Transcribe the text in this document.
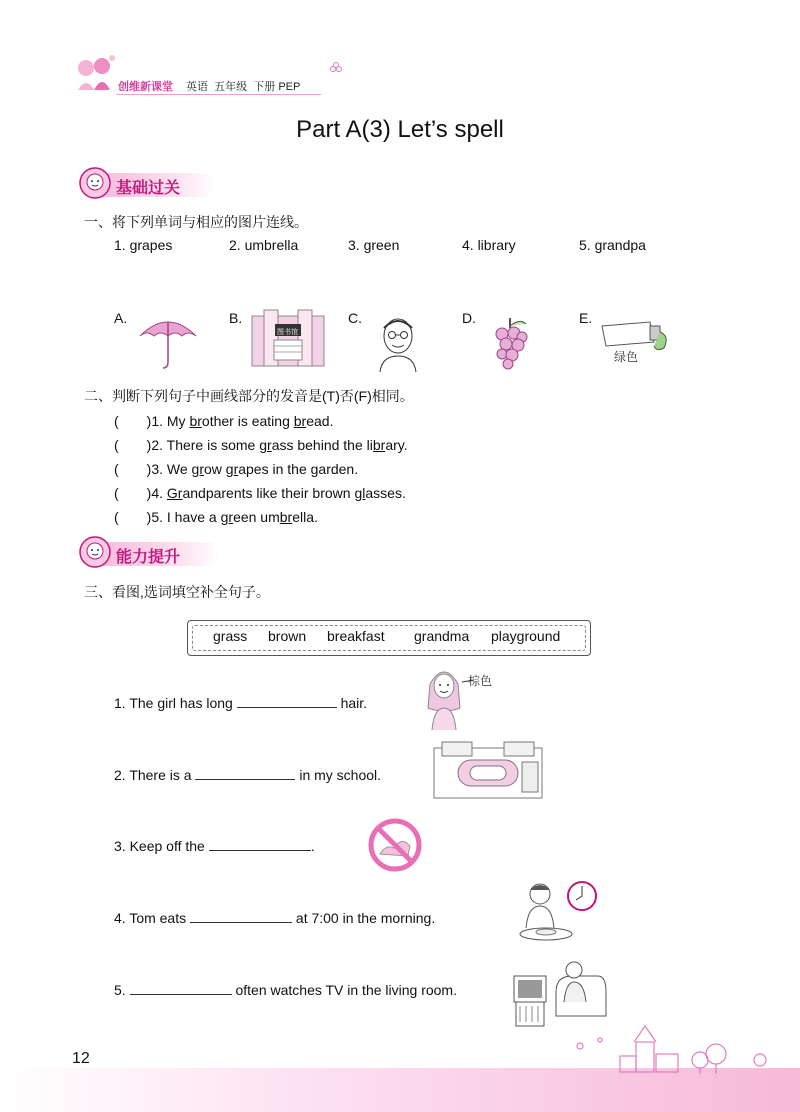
创维新课堂 英语 五年级 下册 PEP
Part A(3) Let’s spell
基础过关
一、将下列单词与相应的图片连线。
1. grapes	2. umbrella	3. green	4. library	5. grandpa
A.	B.	C.	D.	E.
图书馆
绿色
二、判断下列句子中画线部分的发音是(T)否(F)相同。
(　　)1. My brother is eating bread.
(　　)2. There is some grass behind the library.
(　　)3. We grow grapes in the garden.
(　　)4. Grandparents like their brown glasses.
(　　)5. I have a green umbrella.
能力提升
三、看图,选词填空补全句子。
grass brown breakfast grandma playground
1. The girl has long	hair.
棕色
2. There is a	in my school.
3. Keep off the	.
4. Tom eats	at 7:00 in the morning.
5.	often watches TV in the living room.
12
